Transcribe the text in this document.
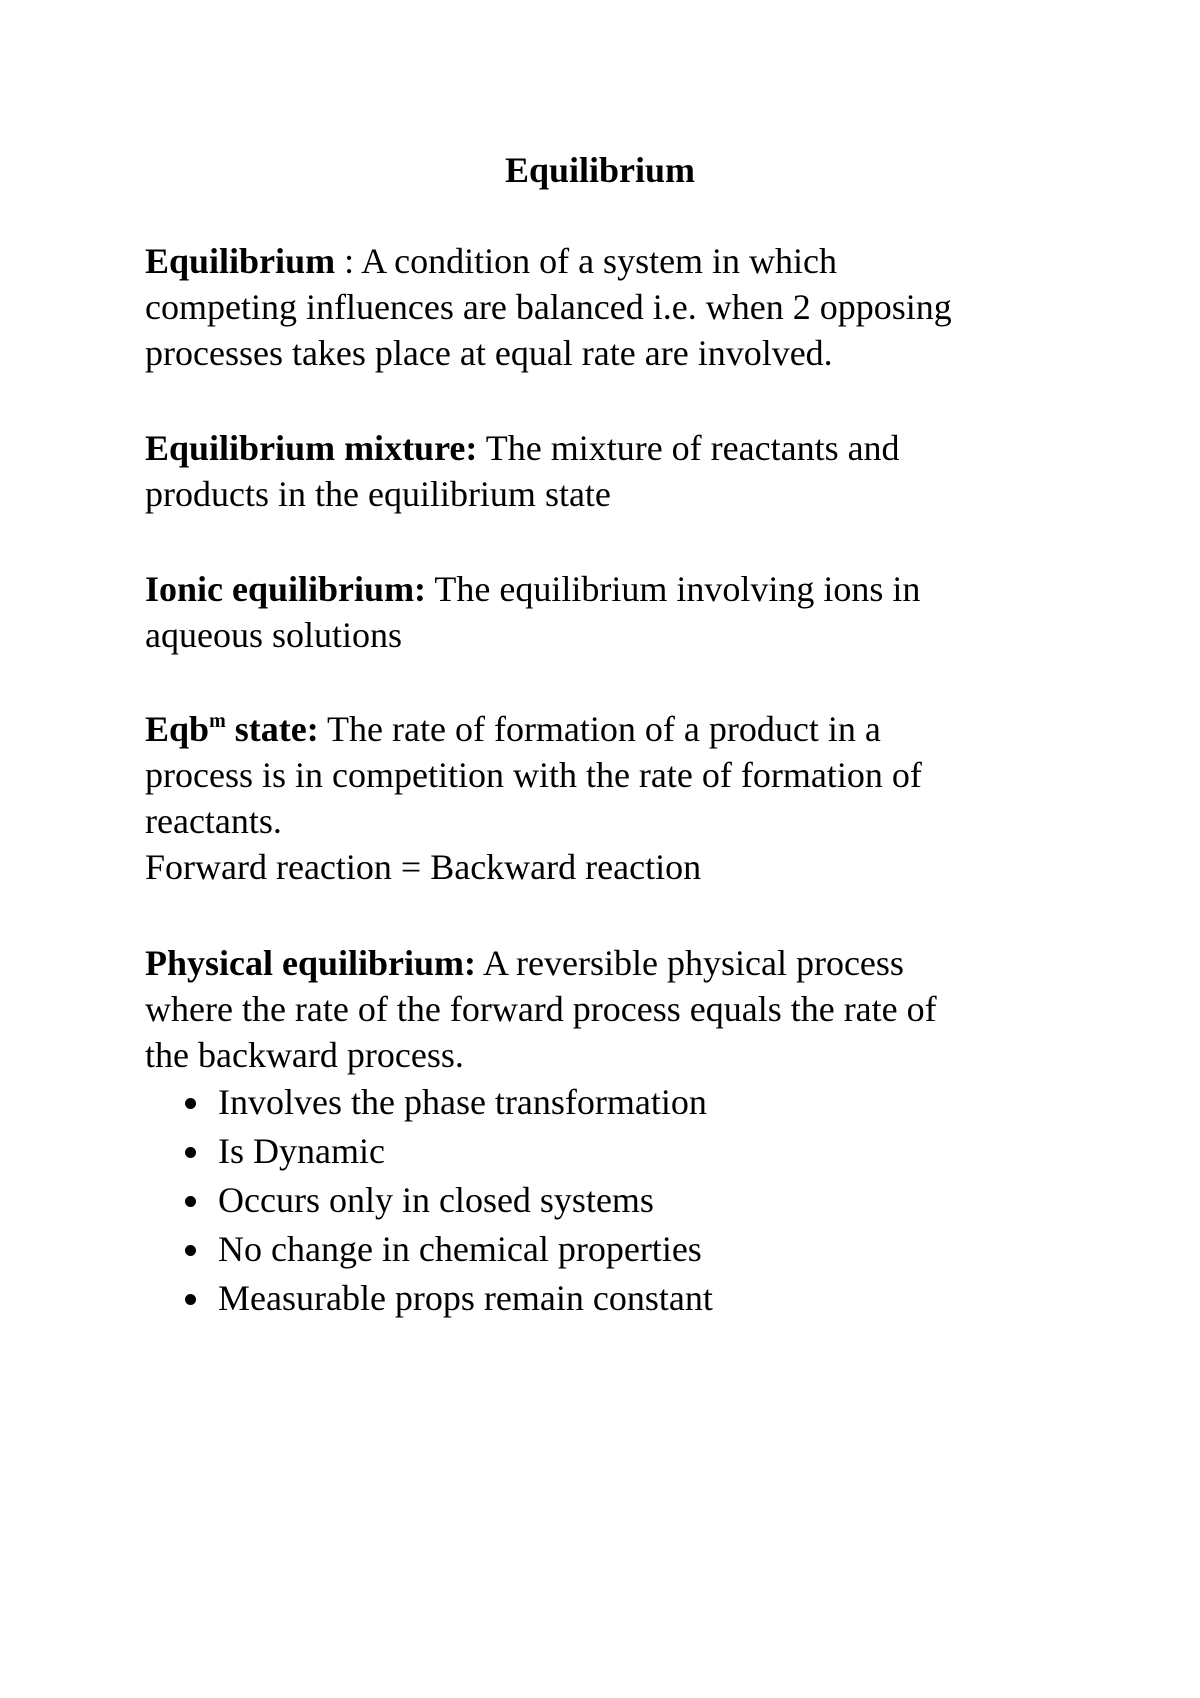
Equilibrium
Equilibrium : A condition of a system in which
competing influences are balanced i.e. when 2 opposing
processes takes place at equal rate are involved.
Equilibrium mixture: The mixture of reactants and
products in the equilibrium state
Ionic equilibrium: The equilibrium involving ions in
aqueous solutions
Eqb$^m$ state: The rate of formation of a product in a
process is in competition with the rate of formation of
reactants.
Forward reaction = Backward reaction
Physical equilibrium: A reversible physical process
where the rate of the forward process equals the rate of
the backward process.
Involves the phase transformation
Is Dynamic
Occurs only in closed systems
No change in chemical properties
Measurable props remain constant
